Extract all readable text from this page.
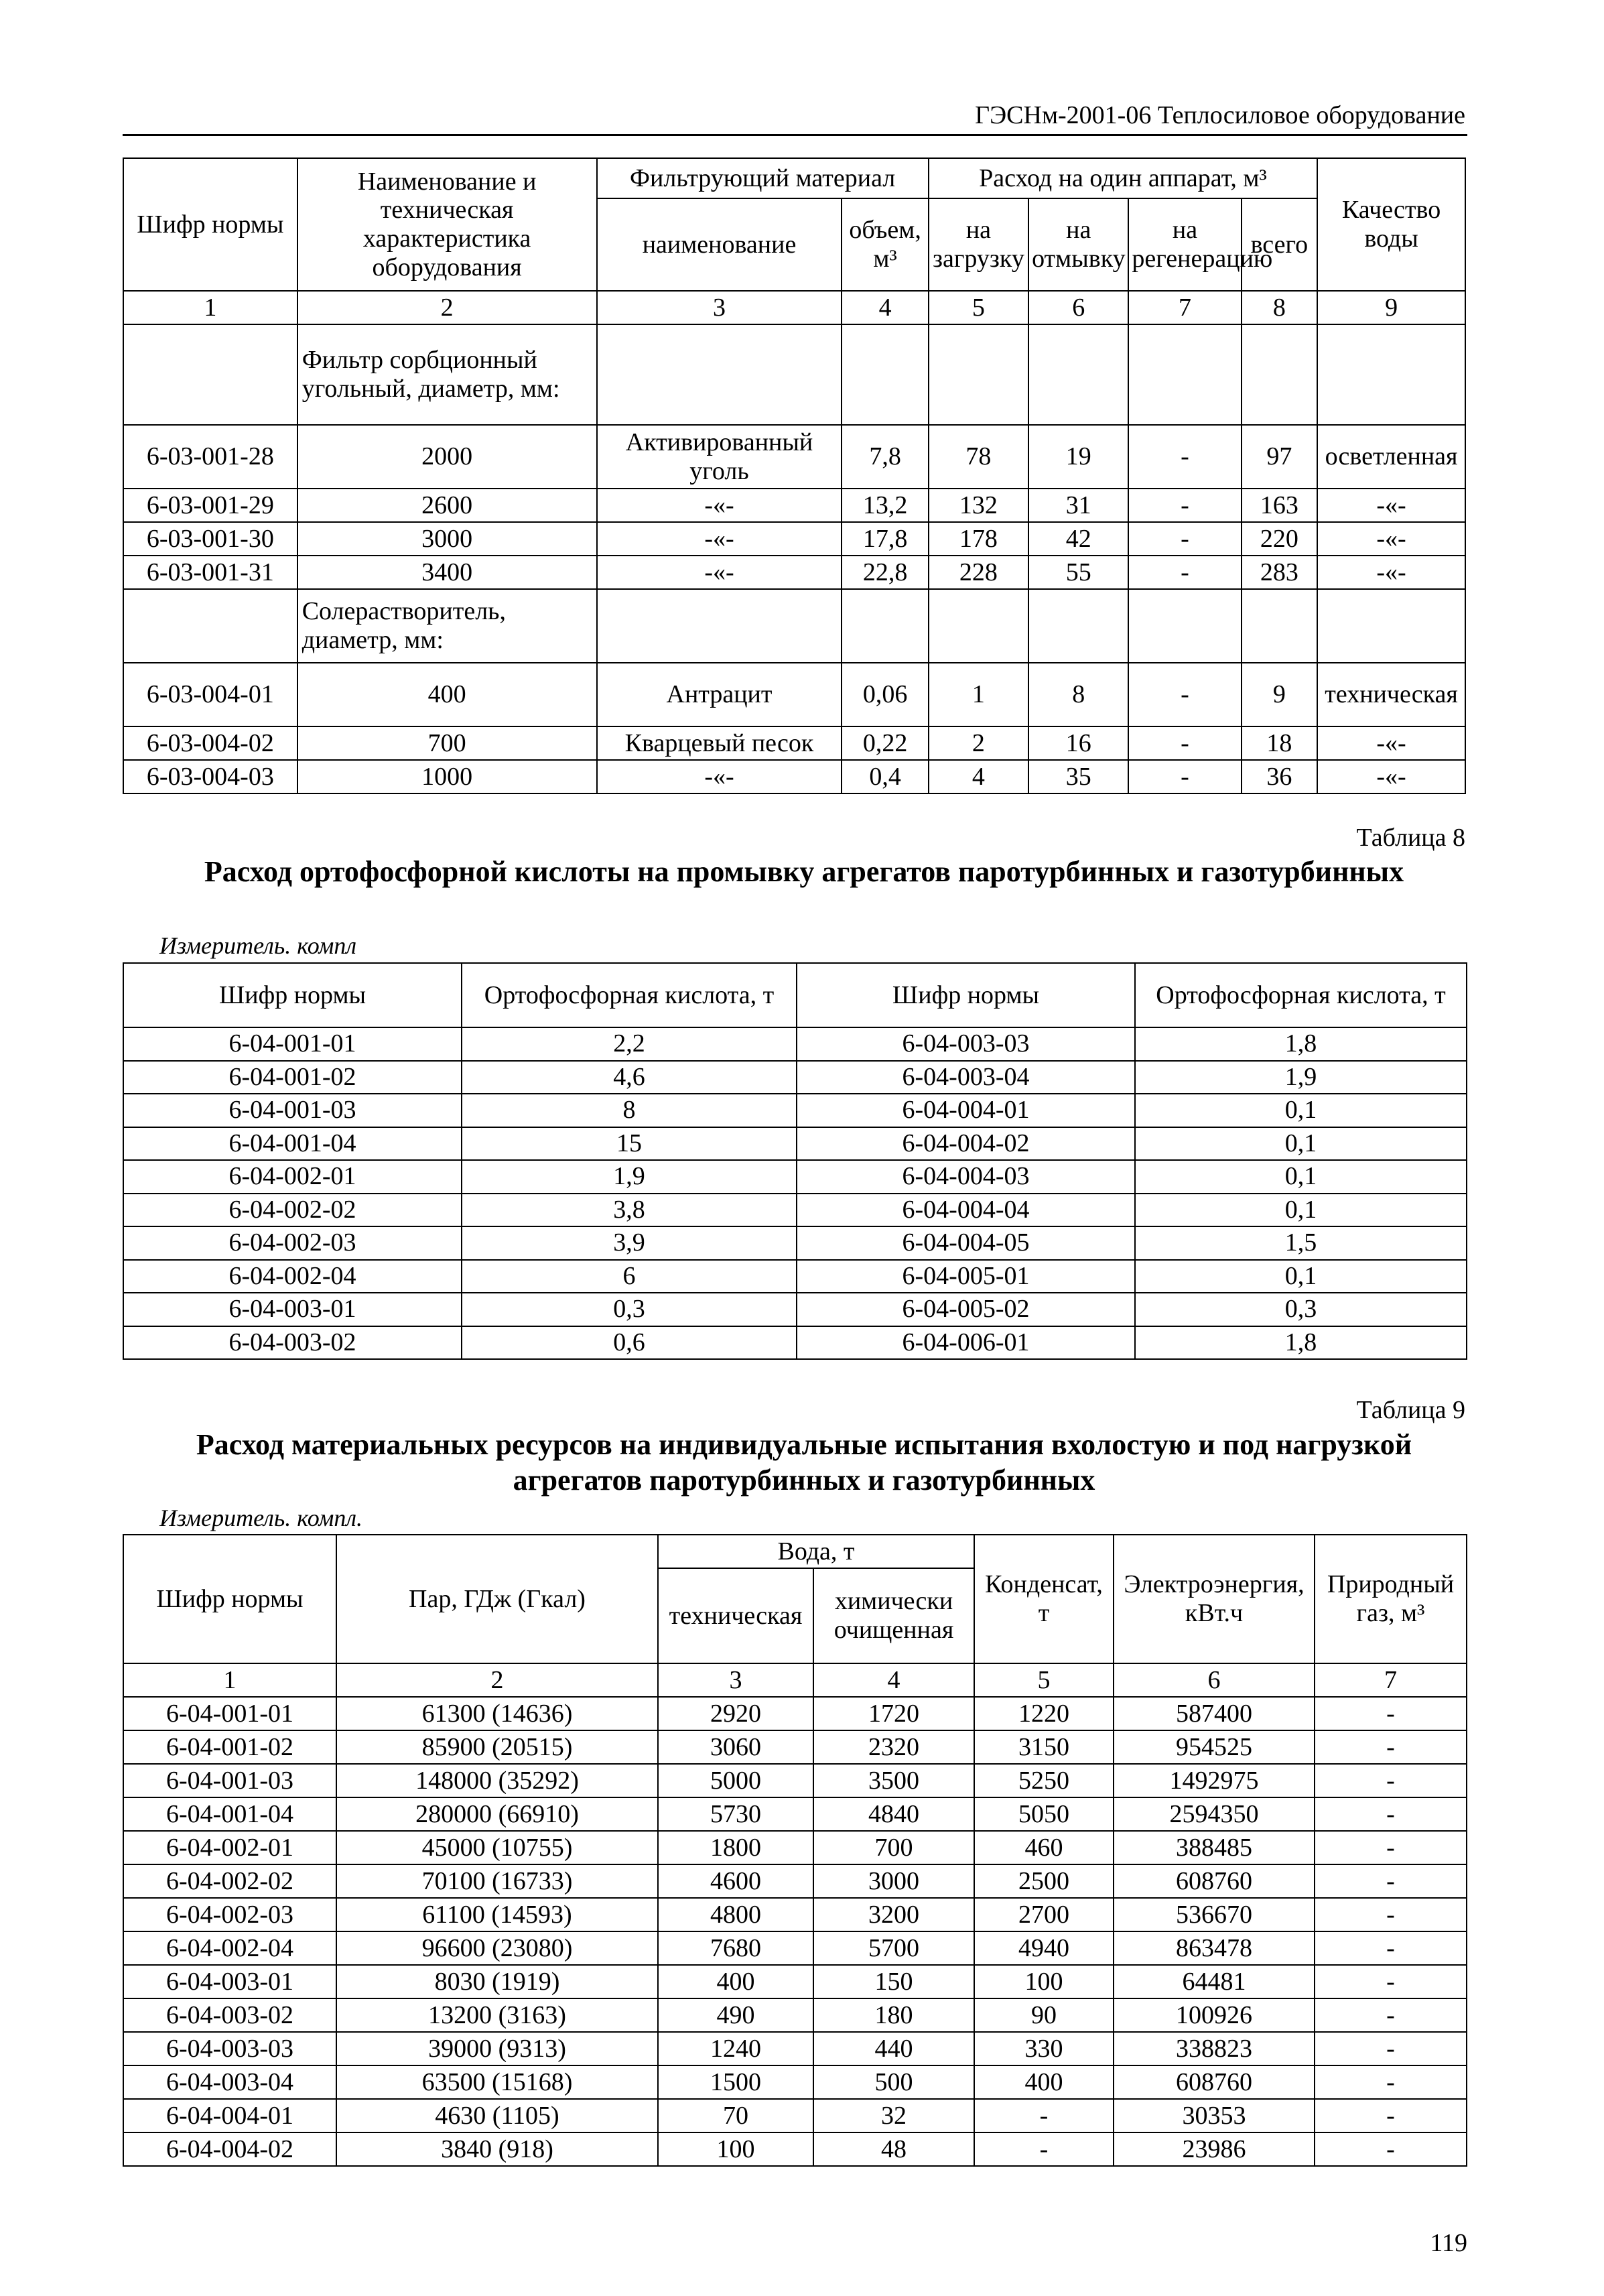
ГЭСНм-2001-06 Теплосиловое оборудование
Шифр нормы	Наименование и техническая характеристика оборудования	Фильтрующий материал		Расход на один аппарат, м³				Качество воды
		наименование	объем, м³	на загрузку	на отмывку	на регенерацию	всего	
1	2	3	4	5	6	7	8	9
	Фильтр сорбционный угольный, диаметр, мм:							
6-03-001-28	2000	Активированный уголь	7,8	78	19	-	97	осветленная
6-03-001-29	2600	-«-	13,2	132	31	-	163	-«-
6-03-001-30	3000	-«-	17,8	178	42	-	220	-«-
6-03-001-31	3400	-«-	22,8	228	55	-	283	-«-
	Солерастворитель, диаметр, мм:							
6-03-004-01	400	Антрацит	0,06	1	8	-	9	техническая
6-03-004-02	700	Кварцевый песок	0,22	2	16	-	18	-«-
6-03-004-03	1000	-«-	0,4	4	35	-	36	-«-
Таблица 8
Расход ортофосфорной кислоты на промывку агрегатов паротурбинных и газотурбинных
Измеритель. компл
Шифр нормы	Ортофосфорная кислота, т	Шифр нормы	Ортофосфорная кислота, т
6-04-001-01	2,2	6-04-003-03	1,8
6-04-001-02	4,6	6-04-003-04	1,9
6-04-001-03	8	6-04-004-01	0,1
6-04-001-04	15	6-04-004-02	0,1
6-04-002-01	1,9	6-04-004-03	0,1
6-04-002-02	3,8	6-04-004-04	0,1
6-04-002-03	3,9	6-04-004-05	1,5
6-04-002-04	6	6-04-005-01	0,1
6-04-003-01	0,3	6-04-005-02	0,3
6-04-003-02	0,6	6-04-006-01	1,8
Таблица 9
Расход материальных ресурсов на индивидуальные испытания вхолостую и под нагрузкой агрегатов паротурбинных и газотурбинных
Измеритель. компл.
Шифр нормы	Пар, ГДж (Гкал)	Вода, т		Конденсат, т	Электроэнергия, кВт.ч	Природный газ, м³
		техническая	химически очищенная			
1	2	3	4	5	6	7
6-04-001-01	61300 (14636)	2920	1720	1220	587400	-
6-04-001-02	85900 (20515)	3060	2320	3150	954525	-
6-04-001-03	148000 (35292)	5000	3500	5250	1492975	-
6-04-001-04	280000 (66910)	5730	4840	5050	2594350	-
6-04-002-01	45000 (10755)	1800	700	460	388485	-
6-04-002-02	70100 (16733)	4600	3000	2500	608760	-
6-04-002-03	61100 (14593)	4800	3200	2700	536670	-
6-04-002-04	96600 (23080)	7680	5700	4940	863478	-
6-04-003-01	8030 (1919)	400	150	100	64481	-
6-04-003-02	13200 (3163)	490	180	90	100926	-
6-04-003-03	39000 (9313)	1240	440	330	338823	-
6-04-003-04	63500 (15168)	1500	500	400	608760	-
6-04-004-01	4630 (1105)	70	32	-	30353	-
6-04-004-02	3840 (918)	100	48	-	23986	-
119
